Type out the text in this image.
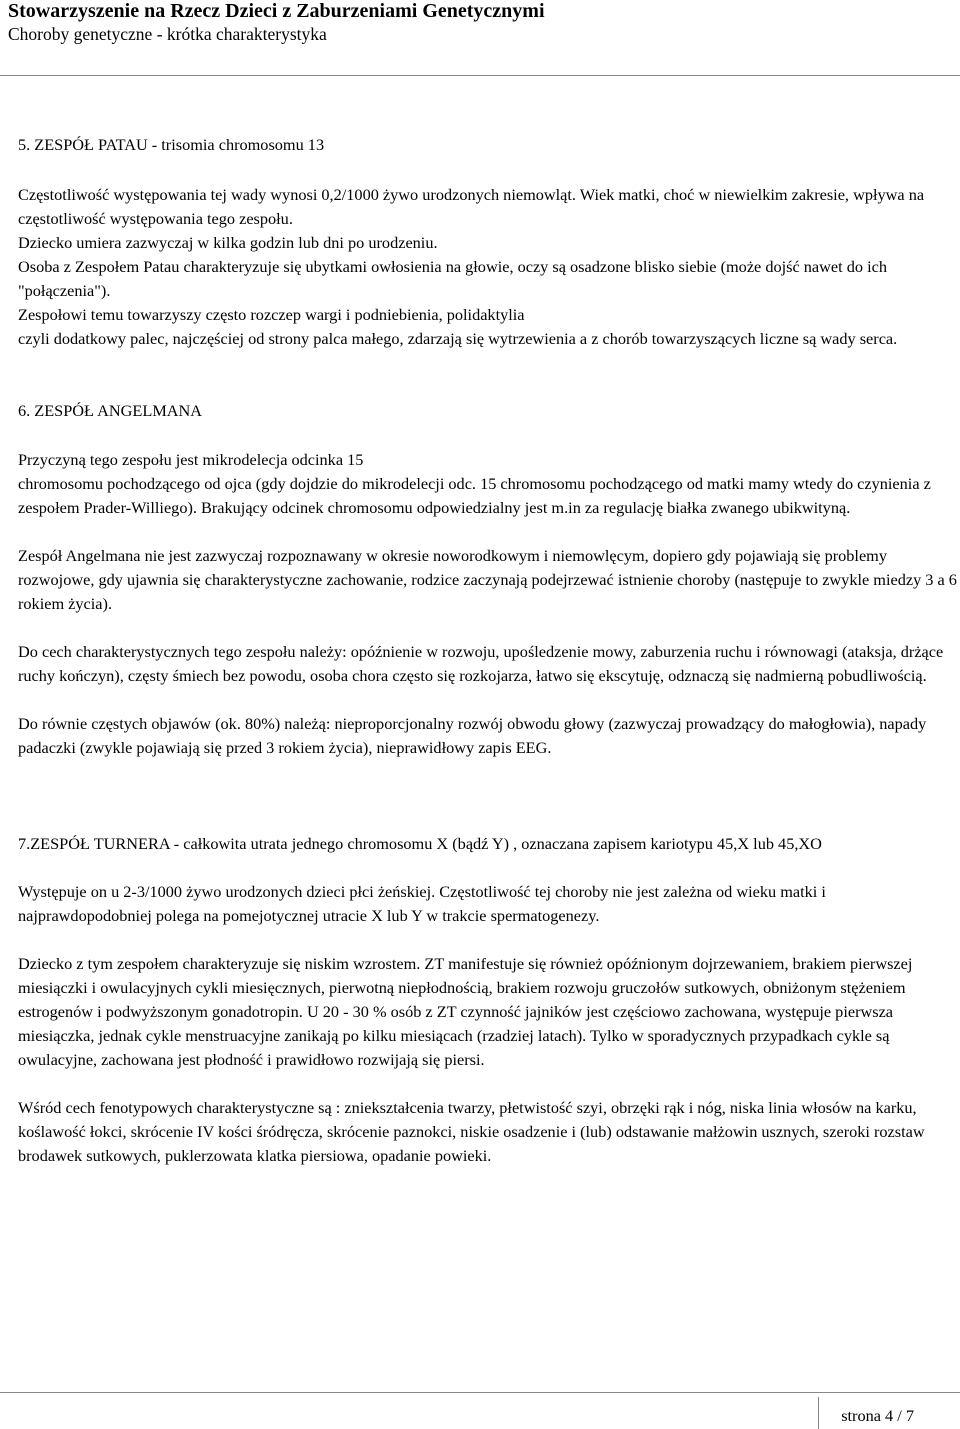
Stowarzyszenie na Rzecz Dzieci z Zaburzeniami Genetycznymi
Choroby genetyczne - krótka charakterystyka

5. ZESPÓŁ PATAU - trisomia chromosomu 13

Częstotliwość występowania tej wady wynosi 0,2/1000 żywo urodzonych niemowląt. Wiek matki, choć w niewielkim zakresie, wpływa na częstotliwość występowania tego zespołu.

Dziecko umiera zazwyczaj w kilka godzin lub dni po urodzeniu.

Osoba z Zespołem Patau charakteryzuje się ubytkami owłosienia na głowie, oczy są osadzone blisko siebie (może dojść nawet do ich "połączenia").

Zespołowi temu towarzyszy często rozczep wargi i podniebienia, polidaktylia

czyli dodatkowy palec, najczęściej od strony palca małego, zdarzają się wytrzewienia a z chorób towarzyszących liczne są wady serca.

6. ZESPÓŁ ANGELMANA

Przyczyną tego zespołu jest mikrodelecja odcinka 15

chromosomu pochodzącego od ojca (gdy dojdzie do mikrodelecji odc. 15 chromosomu pochodzącego od matki mamy wtedy do czynienia z zespołem Prader-Williego). Brakujący odcinek chromosomu odpowiedzialny jest m.in za regulację białka zwanego ubikwityną.

Zespół Angelmana nie jest zazwyczaj rozpoznawany w okresie noworodkowym i niemowlęcym, dopiero gdy pojawiają się problemy rozwojowe, gdy ujawnia się charakterystyczne zachowanie, rodzice zaczynają podejrzewać istnienie choroby (następuje to zwykle miedzy 3 a 6 rokiem życia).

Do cech charakterystycznych tego zespołu należy: opóźnienie w rozwoju, upośledzenie mowy, zaburzenia ruchu i równowagi (ataksja, drżące ruchy kończyn), częsty śmiech bez powodu, osoba chora często się rozkojarza, łatwo się ekscytuję, odznaczą się nadmierną pobudliwością.

Do równie częstych objawów (ok. 80%) należą: nieproporcjonalny rozwój obwodu głowy (zazwyczaj prowadzący do małogłowia), napady padaczki (zwykle pojawiają się przed 3 rokiem życia), nieprawidłowy zapis EEG.

7.ZESPÓŁ TURNERA - całkowita utrata jednego chromosomu X (bądź Y) , oznaczana zapisem kariotypu 45,X lub 45,XO

Występuje on u 2-3/1000 żywo urodzonych dzieci płci żeńskiej. Częstotliwość tej choroby nie jest zależna od wieku matki i najprawdopodobniej polega na pomejotycznej utracie X lub Y w trakcie spermatogenezy.

Dziecko z tym zespołem charakteryzuje się niskim wzrostem. ZT manifestuje się również opóźnionym dojrzewaniem, brakiem pierwszej miesiączki i owulacyjnych cykli miesięcznych, pierwotną niepłodnością, brakiem rozwoju gruczołów sutkowych, obniżonym stężeniem estrogenów i podwyższonym gonadotropin. U 20 - 30 % osób z ZT czynność jajników jest częściowo zachowana, występuje pierwsza miesiączka, jednak cykle menstruacyjne zanikają po kilku miesiącach (rzadziej latach). Tylko w sporadycznych przypadkach cykle są owulacyjne, zachowana jest płodność i prawidłowo rozwijają się piersi.

Wśród cech fenotypowych charakterystyczne są : zniekształcenia twarzy, płetwistość szyi, obrzęki rąk i nóg, niska linia włosów na karku, koślawość łokci, skrócenie IV kości śródręcza, skrócenie paznokci, niskie osadzenie i (lub) odstawanie małżowin usznych, szeroki rozstaw brodawek sutkowych, puklerzowata klatka piersiowa, opadanie powieki.

strona 4 / 7
